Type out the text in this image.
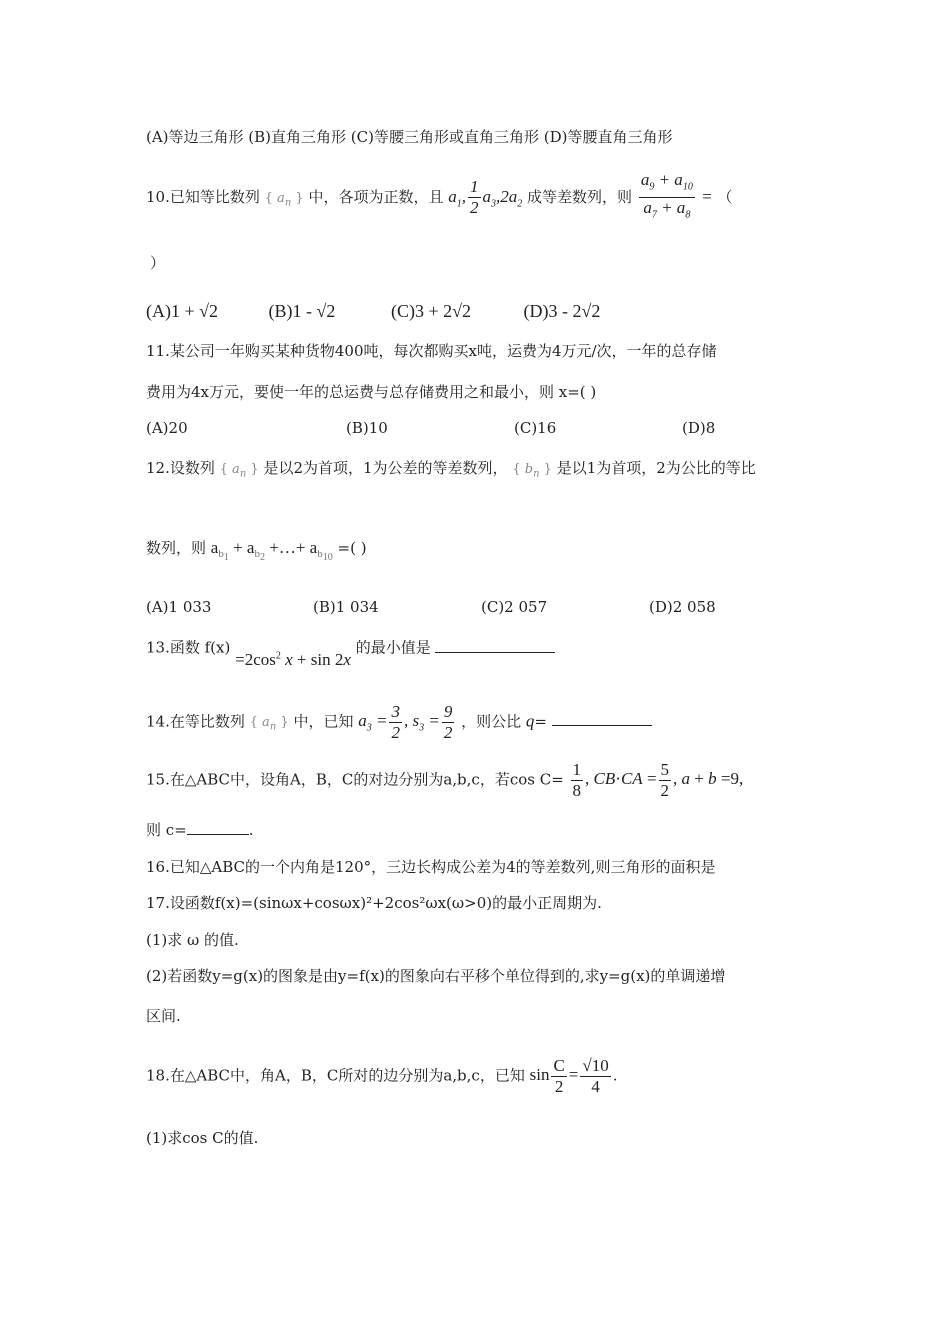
(A)等边三角形 (B)直角三角形 (C)等腰三角形或直角三角形 (D)等腰直角三角形
10.已知等比数列 { $a_n$ } 中，各项为正数，且 $a_1$, $\frac{1}{2} a_3,2a_2$ 成等差数列，则 $\frac{a_9 + a_{10}}{a_7 + a_8}$ = （
）
(A)1 + √2	(B)1 - √2	(C)3 + 2√2	(D)3 - 2√2
11.某公司一年购买某种货物400吨，每次都购买x吨，运费为4万元/次，一年的总存储
费用为4x万元，要使一年的总运费与总存储费用之和最小，则 x=( )
(A)20	(B)10	(C)16	(D)8
12.设数列 { $a_n$ } 是以2为首项，1为公差的等差数列， { $b_n$ } 是以1为首项，2为公比的等比
数列，则 $a_{b_1} + a_{b_2}$ +…+ $a_{b_{10}}$ =( )
(A)1 033	(B)1 034	(C)2 057	(D)2 058
13.函数 $f(x) =2\cos^2$ x + sin 2x 的最小值是
14.在等比数列 { $a_n$ } 中，已知 $a_3 = \frac{3}{2}$ , $s_3 = \frac{9}{2}$ ，则公比 q=
15.在△ABC中，设角A，B，C的对边分别为a,b,c，若$\cos C= \frac{1}{8}$ , $CB\cdot CA = \frac{5}{2}$ , a + b =9,
则 c=	.
16.已知△ABC的一个内角是120°，三边长构成公差为4的等差数列,则三角形的面积是
17.设函数f(x)=(sinωx+cosωx)²+2cos²ωx(ω>0)的最小正周期为.
(1)求 ω 的值.
(2)若函数y=g(x)的图象是由y=f(x)的图象向右平移个单位得到的,求y=g(x)的单调递增
区间.
18.在△ABC中，角A，B，C所对的边分别为a,b,c，已知 $\sin \frac{C}{2} = \frac{√10}{4}$ .
(1)求cos C的值.
